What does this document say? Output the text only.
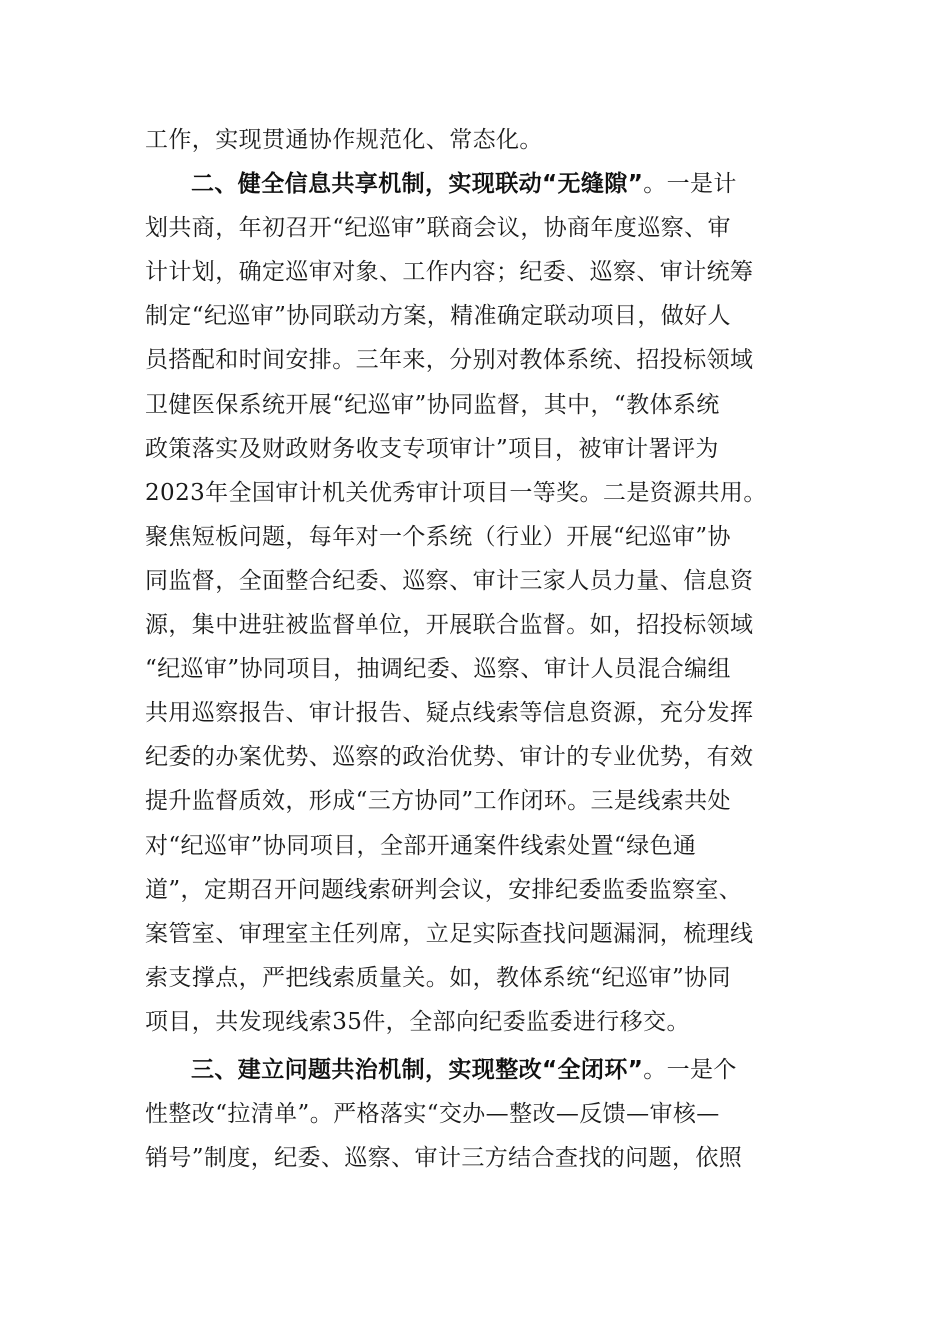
工作，实现贯通协作规范化、常态化。
二、健全信息共享机制，实现联动“无缝隙”。一是计
划共商，年初召开“纪巡审”联商会议，协商年度巡察、审
计计划，确定巡审对象、工作内容；纪委、巡察、审计统筹
制定“纪巡审”协同联动方案，精准确定联动项目，做好人
员搭配和时间安排。三年来，分别对教体系统、招投标领域
卫健医保系统开展“纪巡审”协同监督，其中，“教体系统
政策落实及财政财务收支专项审计”项目，被审计署评为
2023年全国审计机关优秀审计项目一等奖。二是资源共用。
聚焦短板问题，每年对一个系统（行业）开展“纪巡审”协
同监督，全面整合纪委、巡察、审计三家人员力量、信息资
源，集中进驻被监督单位，开展联合监督。如，招投标领域
“纪巡审”协同项目，抽调纪委、巡察、审计人员混合编组
共用巡察报告、审计报告、疑点线索等信息资源，充分发挥
纪委的办案优势、巡察的政治优势、审计的专业优势，有效
提升监督质效，形成“三方协同”工作闭环。三是线索共处
对“纪巡审”协同项目，全部开通案件线索处置“绿色通
道”，定期召开问题线索研判会议，安排纪委监委监察室、
案管室、审理室主任列席，立足实际查找问题漏洞，梳理线
索支撑点，严把线索质量关。如，教体系统“纪巡审”协同
项目，共发现线索35件，全部向纪委监委进行移交。
三、建立问题共治机制，实现整改“全闭环”。一是个
性整改“拉清单”。严格落实“交办—整改—反馈—审核—
销号”制度，纪委、巡察、审计三方结合查找的问题，依照
